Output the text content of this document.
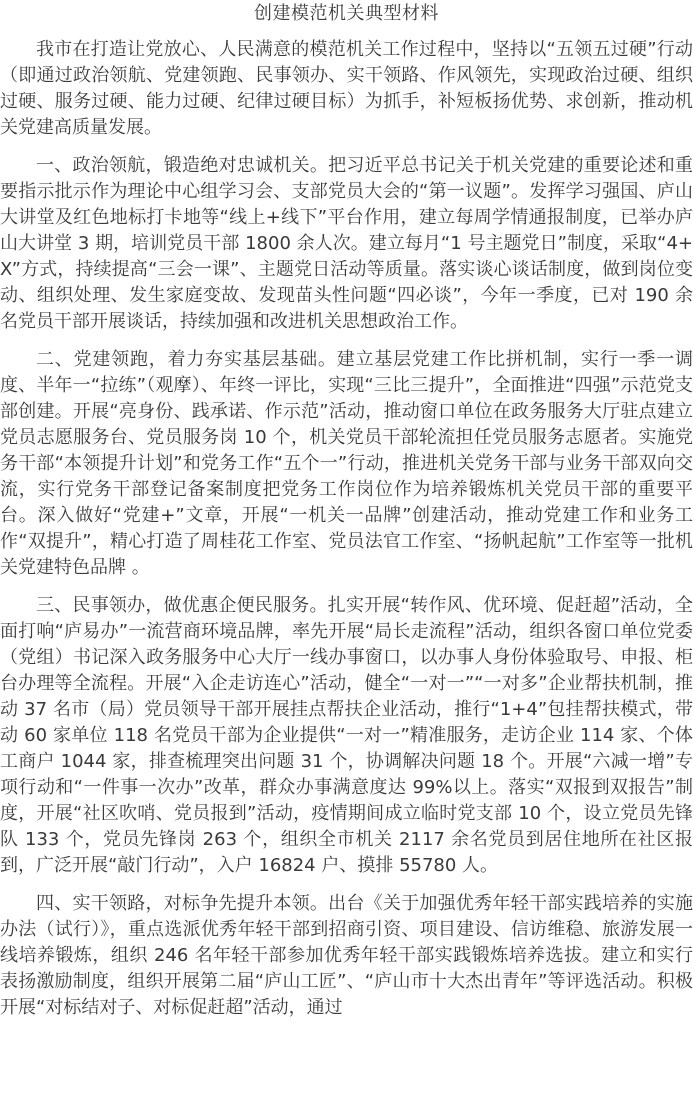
创建模范机关典型材料

我市在打造让党放心、人民满意的模范机关工作过程中，坚持以“五领五过硬”行动（即通过政治领航、党建领跑、民事领办、实干领路、作风领先，实现政治过硬、组织过硬、服务过硬、能力过硬、纪律过硬目标）为抓手，补短板扬优势、求创新，推动机关党建高质量发展。

一、政治领航，锻造绝对忠诚机关。把习近平总书记关于机关党建的重要论述和重要指示批示作为理论中心组学习会、支部党员大会的“第一议题”。发挥学习强国、庐山大讲堂及红色地标打卡地等“线上+线下”平台作用，建立每周学情通报制度，已举办庐山大讲堂 3 期，培训党员干部 1800 余人次。建立每月“1 号主题党日”制度，采取“4+X”方式，持续提高“三会一课”、主题党日活动等质量。落实谈心谈话制度，做到岗位变动、组织处理、发生家庭变故、发现苗头性问题“四必谈”，今年一季度，已对 190 余名党员干部开展谈话，持续加强和改进机关思想政治工作。

二、党建领跑，着力夯实基层基础。建立基层党建工作比拼机制，实行一季一调度、半年一“拉练”（观摩）、年终一评比，实现“三比三提升”，全面推进“四强”示范党支部创建。开展“亮身份、践承诺、作示范”活动，推动窗口单位在政务服务大厅驻点建立党员志愿服务台、党员服务岗 10 个，机关党员干部轮流担任党员服务志愿者。实施党务干部“本领提升计划”和党务工作“五个一”行动，推进机关党务干部与业务干部双向交流，实行党务干部登记备案制度把党务工作岗位作为培养锻炼机关党员干部的重要平台。深入做好“党建+”文章，开展“一机关一品牌”创建活动，推动党建工作和业务工作“双提升”，精心打造了周桂花工作室、党员法官工作室、“扬帆起航”工作室等一批机关党建特色品牌 。

三、民事领办，做优惠企便民服务。扎实开展“转作风、优环境、促赶超”活动，全面打响“庐易办”一流营商环境品牌，率先开展“局长走流程”活动，组织各窗口单位党委（党组）书记深入政务服务中心大厅一线办事窗口，以办事人身份体验取号、申报、柜台办理等全流程。开展“入企走访连心”活动，健全“一对一”“一对多”企业帮扶机制，推动 37 名市（局）党员领导干部开展挂点帮扶企业活动，推行“1+4”包挂帮扶模式，带动 60 家单位 118 名党员干部为企业提供“一对一”精准服务，走访企业 114 家、个体工商户 1044 家，排查梳理突出问题 31 个，协调解决问题 18 个。开展“六减一增”专项行动和“一件事一次办”改革，群众办事满意度达 99%以上。落实“双报到双报告”制度，开展“社区吹哨、党员报到”活动，疫情期间成立临时党支部 10 个，设立党员先锋队 133 个，党员先锋岗 263 个，组织全市机关 2117 余名党员到居住地所在社区报到，广泛开展“敲门行动”，入户 16824 户、摸排 55780 人。

四、实干领路，对标争先提升本领。出台《关于加强优秀年轻干部实践培养的实施办法（试行）》，重点选派优秀年轻干部到招商引资、项目建设、信访维稳、旅游发展一线培养锻炼，组织 246 名年轻干部参加优秀年轻干部实践锻炼培养选拔。建立和实行表扬激励制度，组织开展第二届“庐山工匠”、“庐山市十大杰出青年”等评选活动。积极开展“对标结对子、对标促赶超”活动，通过
